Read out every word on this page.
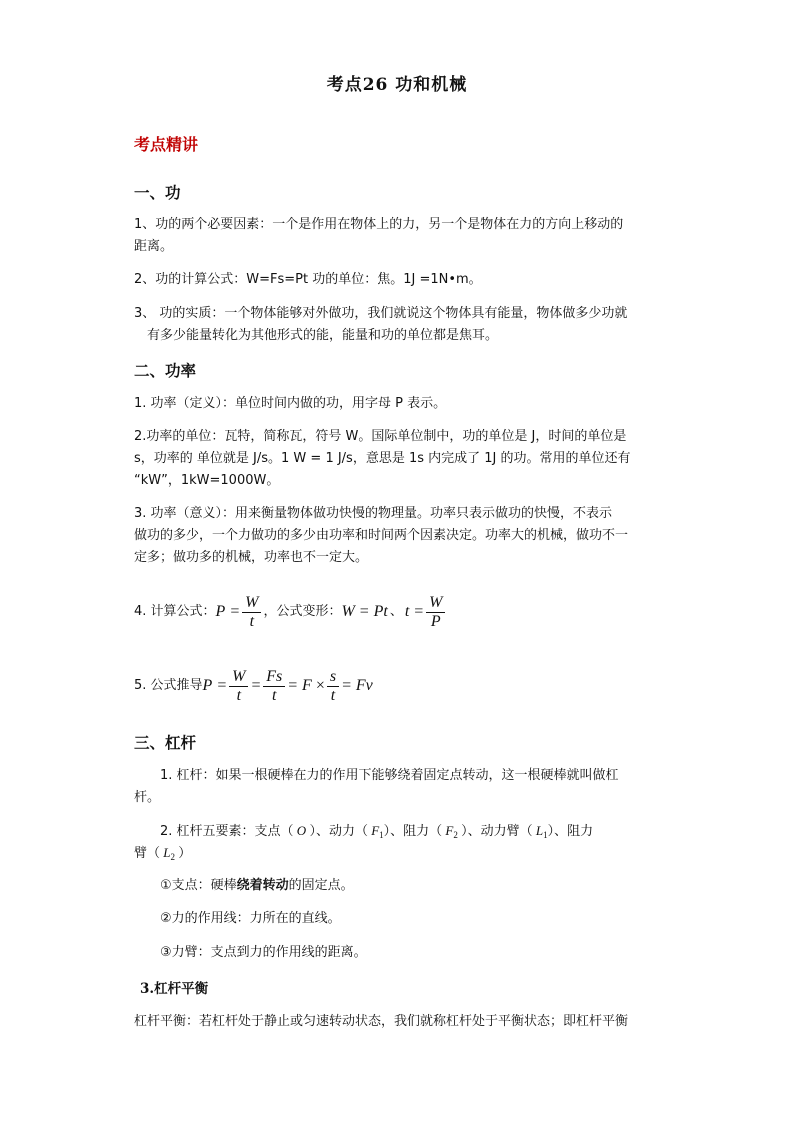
考点26 功和机械
考点精讲
一、功
1、功的两个必要因素：一个是作用在物体上的力，另一个是物体在力的方向上移动的
距离。
2、功的计算公式：W=Fs=Pt 功的单位：焦。1J =1N•m。
3、 功的实质：一个物体能够对外做功，我们就说这个物体具有能量，物体做多少功就
有多少能量转化为其他形式的能，能量和功的单位都是焦耳。
二、功率
1. 功率（定义）：单位时间内做的功，用字母 P 表示。
2.功率的单位：瓦特，简称瓦，符号 W。国际单位制中，功的单位是 J，时间的单位是
s，功率的 单位就是 J/s。1 W = 1 J/s，意思是 1s 内完成了 1J 的功。常用的单位还有
“kW”，1kW=1000W。
3. 功率（意义）：用来衡量物体做功快慢的物理量。功率只表示做功的快慢，不表示
做功的多少，一个力做功的多少由功率和时间两个因素决定。功率大的机械，做功不一
定多；做功多的机械，功率也不一定大。
4. 计算公式： $P = \frac{W}{t}$ ，公式变形： W = Pt 、 $t = \frac{W}{P}$
5. 公式推导 $P = \frac{W}{t} = \frac{Fs}{t} = F \times \frac{s}{t} = Fv$
三、杠杆
1. 杠杆：如果一根硬棒在力的作用下能够绕着固定点转动，这一根硬棒就叫做杠
杆。
2. 杠杆五要素：支点（ O ）、动力（ $F_1$）、阻力（ $F_2$ ）、动力臂（ $L_1$）、阻力
臂（ $L_2$ ）
①支点：硬棒绕着转动的固定点。
②力的作用线：力所在的直线。
③力臂：支点到力的作用线的距离。
3.杠杆平衡
杠杆平衡：若杠杆处于静止或匀速转动状态，我们就称杠杆处于平衡状态；即杠杆平衡
